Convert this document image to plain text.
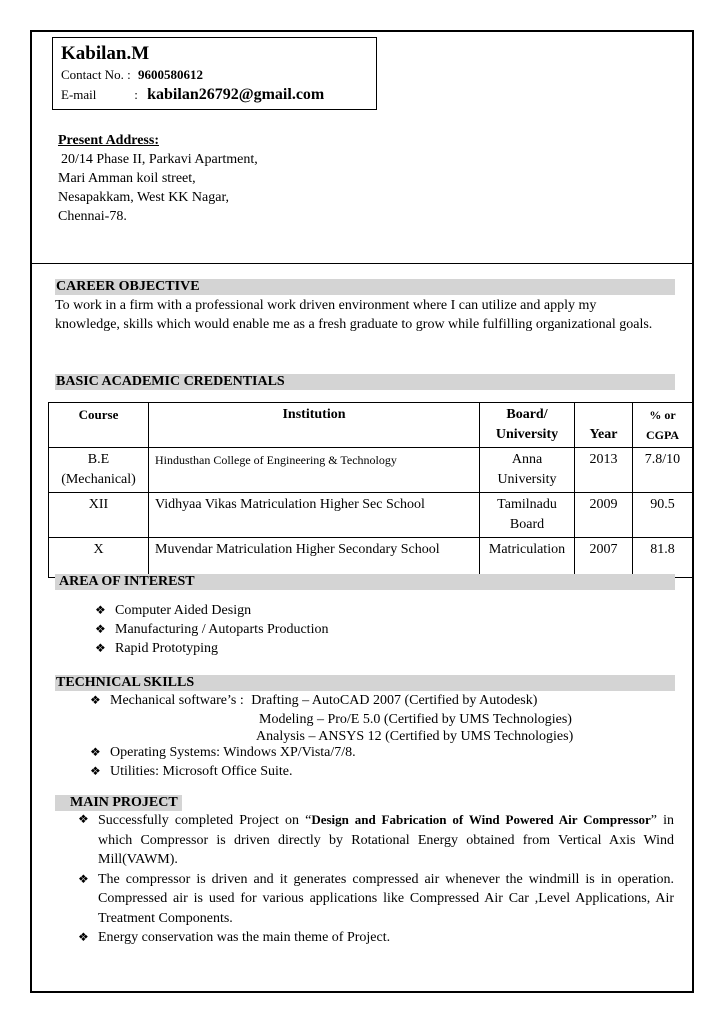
Kabilan.M
Contact No. : 9600580612
E-mail	: kabilan26792@gmail.com
Present Address:
20/14 Phase II, Parkavi Apartment,
Mari Amman koil street,
Nesapakkam, West KK Nagar,
Chennai-78.
CAREER OBJECTIVE
To work in a firm with a professional work driven environment where I can utilize and apply my knowledge, skills which would enable me as a fresh graduate to grow while fulfilling organizational goals.
BASIC ACADEMIC CREDENTIALS
Course	Institution	Board/ University	Year	% or CGPA
B.E (Mechanical)	Hindusthan College of Engineering & Technology	Anna University	2013	7.8/10
XII	Vidhyaa Vikas Matriculation Higher Sec School	Tamilnadu Board	2009	90.5
X	Muvendar Matriculation Higher Secondary School	Matriculation	2007	81.8
AREA OF INTEREST
❖ Computer Aided Design
❖ Manufacturing / Autoparts Production
❖ Rapid Prototyping
TECHNICAL SKILLS
❖ Mechanical software’s : Drafting – AutoCAD 2007 (Certified by Autodesk)
Modeling – Pro/E 5.0 (Certified by UMS Technologies)
Analysis – ANSYS 12 (Certified by UMS Technologies)
❖ Operating Systems: Windows XP/Vista/7/8.
❖ Utilities: Microsoft Office Suite.
MAIN PROJECT
❖ Successfully completed Project on “Design and Fabrication of Wind Powered Air Compressor” in which Compressor is driven directly by Rotational Energy obtained from Vertical Axis Wind Mill(VAWM).
❖ The compressor is driven and it generates compressed air whenever the windmill is in operation. Compressed air is used for various applications like Compressed Air Car ,Level Applications, Air Treatment Components.
❖ Energy conservation was the main theme of Project.
